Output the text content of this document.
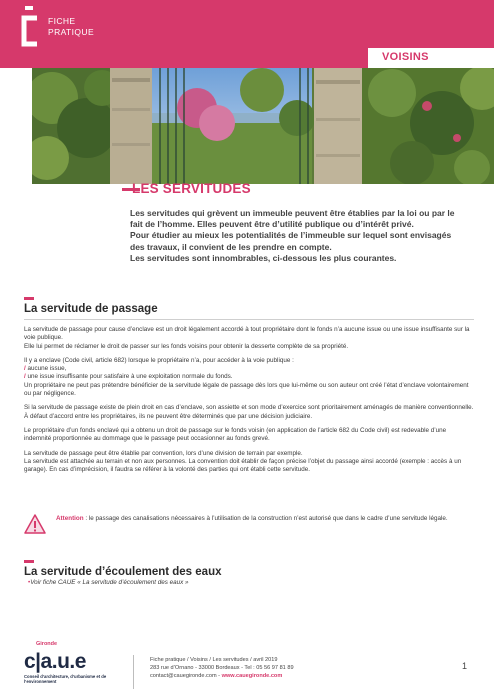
FICHE
PRATIQUE
VOISINS
LES SERVITUDES

Les servitudes qui grèvent un immeuble peuvent être établies par la loi ou par le fait de l’homme. Elles peuvent être d’utilité publique ou d’intérêt privé.

Pour étudier au mieux les potentialités de l’immeuble sur lequel sont envisagés des travaux, il convient de les prendre en compte.

Les servitudes sont innombrables, ci-dessous les plus courantes.

La servitude de passage

La servitude de passage pour cause d’enclave est un droit légalement accordé à tout propriétaire dont le fonds n’a aucune issue ou une issue insuffisante sur la voie publique.
Elle lui permet de réclamer le droit de passer sur les fonds voisins pour obtenir la desserte complète de sa propriété.

Il y a enclave (Code civil, article 682) lorsque le propriétaire n’a, pour accéder à la voie publique :
/ aucune issue,
/ une issue insuffisante pour satisfaire à une exploitation normale du fonds.
Un propriétaire ne peut pas prétendre bénéficier de la servitude légale de passage dès lors que lui-même ou son auteur ont créé l’état d’enclave volontairement ou par négligence.

Si la servitude de passage existe de plein droit en cas d’enclave, son assiette et son mode d’exercice sont prioritairement aménagés de manière conventionnelle. À défaut d’accord entre les propriétaires, ils ne peuvent être déterminés que par une décision judiciaire.

Le propriétaire d’un fonds enclavé qui a obtenu un droit de passage sur le fonds voisin (en application de l’article 682 du Code civil) est redevable d’une indemnité proportionnée au dommage que le passage peut occasionner au fonds grevé.

La servitude de passage peut être établie par convention, lors d’une division de terrain par exemple.
La servitude est attachée au terrain et non aux personnes. La convention doit établir de façon précise l’objet du passage ainsi accordé (exemple : accès à un garage). En cas d’imprécision, il faudra se référer à la volonté des parties qui ont établi cette servitude.

Attention : le passage des canalisations nécessaires à l’utilisation de la construction n’est autorisé que dans le cadre d’une servitude légale.
La servitude d’écoulement des eaux
•Voir fiche CAUE « La servitude d’écoulement des eaux »
Gironde
c|a.u.e
Conseil d’architecture, d’urbanisme et de l’environnement
Fiche pratique / Voisins / Les servitudes / avril 2019
283 rue d’Ornano - 33000 Bordeaux - Tel : 05 56 97 81 89
contact@cauegironde.com - www.cauegironde.com
1
